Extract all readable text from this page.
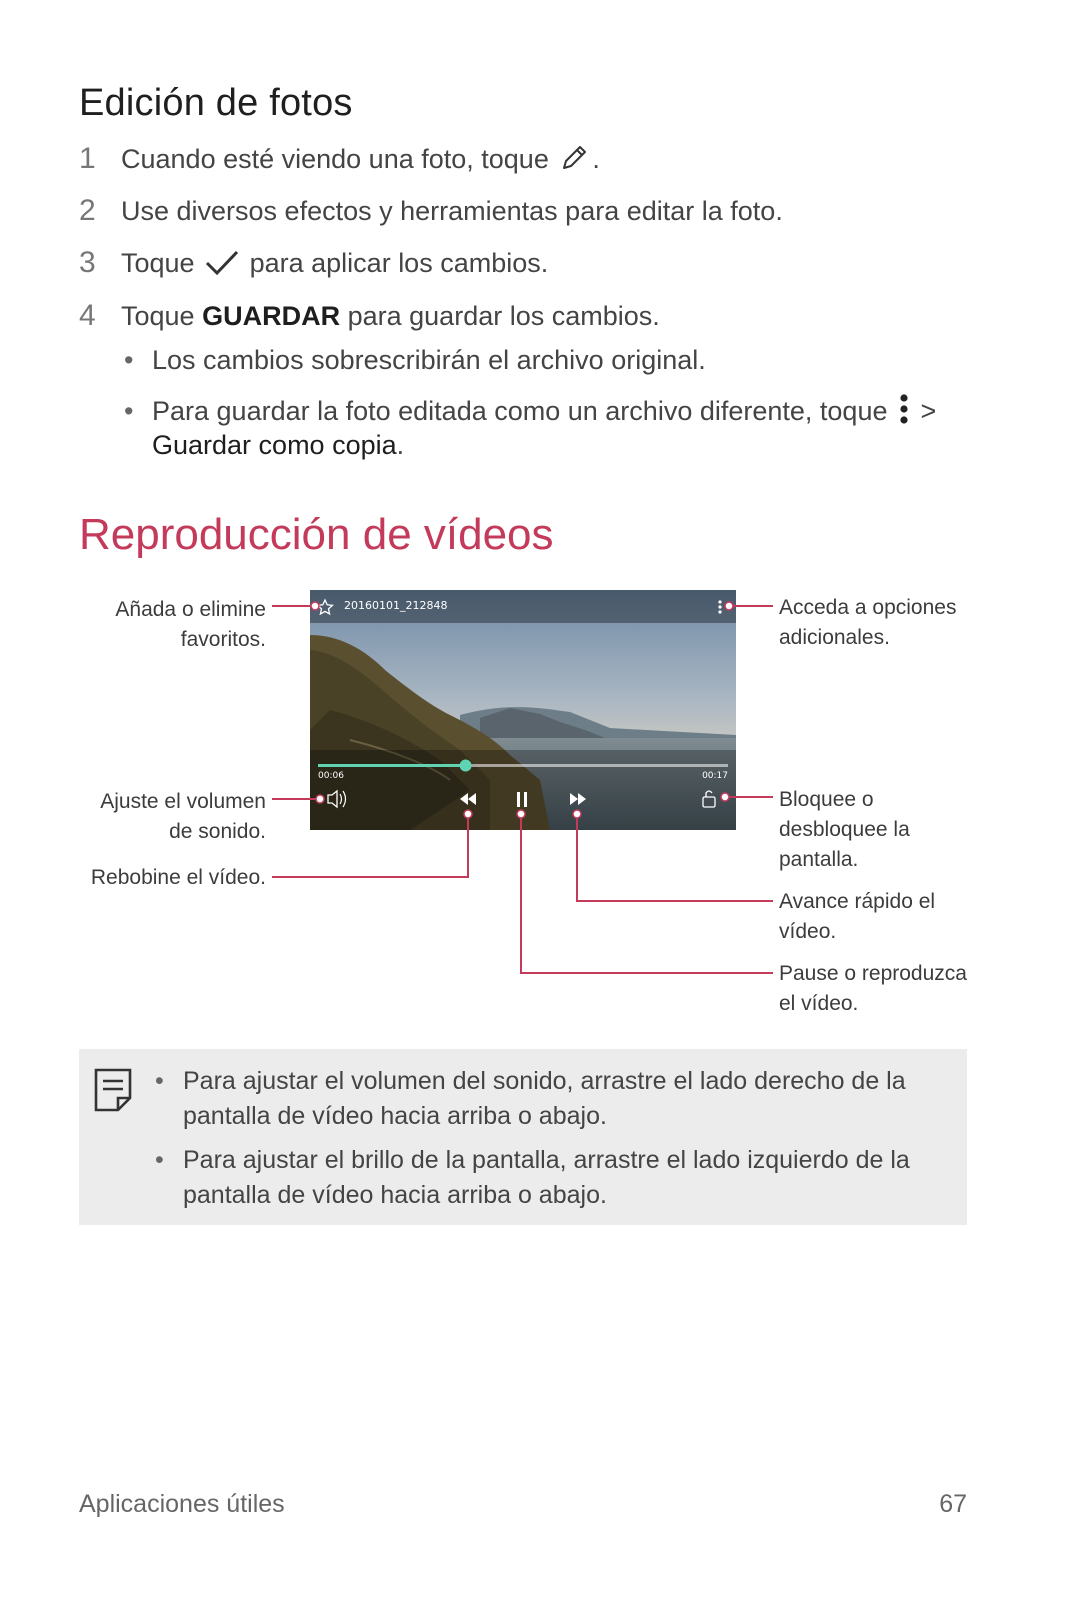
Edición de fotos
1 Cuando esté viendo una foto, toque .
2 Use diversos efectos y herramientas para editar la foto.
3 Toque para aplicar los cambios.
4 Toque GUARDAR para guardar los cambios.
• Los cambios sobrescribirán el archivo original.
• Para guardar la foto editada como un archivo diferente, toque >
Guardar como copia.
Reproducción de vídeos
20160101_212848
00:06	00:17
Añada o elimine favoritos.
Ajuste el volumen de sonido.
Rebobine el vídeo.
Acceda a opciones adicionales.
Bloquee o desbloquee la pantalla.
Avance rápido el vídeo.
Pause o reproduzca el vídeo.
• Para ajustar el volumen del sonido, arrastre el lado derecho de la pantalla de vídeo hacia arriba o abajo.
• Para ajustar el brillo de la pantalla, arrastre el lado izquierdo de la pantalla de vídeo hacia arriba o abajo.
Aplicaciones útiles	67
